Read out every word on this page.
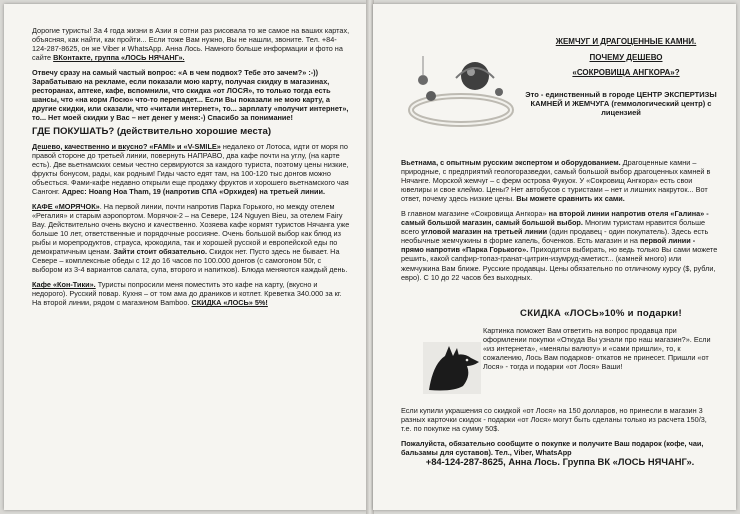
Дорогие туристы! За 4 года жизни в Азии я сотни раз рисовала то же самое на ваших картах, объясняя, как найти, как пройти... Если тоже Вам нужно, Вы не нашли, звоните. Тел. +84-124-287-8625, он же Viber и WhatsApp. Анна Лось. Намного больше информации и фото на сайте ВКонтакте, группа «ЛОСЬ НЯЧАНГ».

Отвечу сразу на самый частый вопрос: «А в чем подвох? Тебе это зачем?» :-)) Зарабатываю на рекламе, если показали мою карту, получая скидку в магазинах, ресторанах, аптеке, кафе, вспомнили, что скидка «от ЛОСЯ», то только тогда есть шансы, что «на корм Лосю» что-то перепадет... Если Вы показали не мою карту, а другие скидки, или сказали, что «читали интернет», то... зарплату «получит интернет», то... Нет моей скидки у Вас – нет денег у меня:-) Спасибо за понимание!

ГДЕ ПОКУШАТЬ? (действительно хорошие места)

Дешево, качественно и вкусно? «FAMI» и «V-SMILE» недалеко от Лотоса, идти от моря по правой стороне до третьей линии, повернуть НАПРАВО, два кафе почти на углу, (на карте есть). Две вьетнамских семьи честно сервируются за каждого туриста, поэтому цены низкие, фрукты бонусом, рады, как родным! Гиды часто едят там, на 100-120 тыс донгов можно объесться. Фами-кафе недавно открыли еще продажу фруктов и хорошего вьетнамского чая Сангонг. Адрес: Hoang Hoa Tham, 19 (напротив СПА «Орхидея) на третьей линии.

КАФЕ «МОРЯЧОК». На первой линии, почти напротив Парка Горького, но между отелем «Регалия» и старым аэропортом. Морячок-2 – на Севере, 124 Nguyen Bieu, за отелем Fairy Bay. Действительно очень вкусно и качественно. Хозяева кафе кормят туристов Нячанга уже больше 10 лет, ответственные и порядочные россияне. Очень большой выбор как блюд из рыбы и морепродуктов, страуса, крокодила, так и хорошей русской и европейской еды по демократичным ценам. Зайти стоит обязательно. Скидок нет. Пусто здесь не бывает. На Севере – комплексные обеды с 12 до 16 часов по 100.000 донгов (с самогоном 50г, с выбором из 3-4 вариантов салата, супа, второго и напитков). Блюда меняются каждый день.

Кафе «Кон-Тики». Туристы попросили меня поместить это кафе на карту, (вкусно и недорого). Русский повар. Кухня – от том ама до драников и котлет. Креветка 340.000 за кг. На второй линии, рядом с магазином Bamboo. СКИДКА «ЛОСЬ» 5%!

ЖЕМЧУГ И ДРАГОЦЕННЫЕ КАМНИ.
ПОЧЕМУ ДЕШЕВО
«СОКРОВИЩА АНГКОРА»?
Это - единственный в городе ЦЕНТР ЭКСПЕРТИЗЫ КАМНЕЙ И ЖЕМЧУГА (геммологический центр) с лицензией

Вьетнама, с опытным русским экспертом и оборудованием. Драгоценные камни – природные, с предприятий геологоразведки, самый большой выбор драгоценных камней в Нячанге. Морской жемчуг – с ферм острова Фукуок. У «Сокровищ Ангкора» есть свои ювелиры и свое клеймо. Цены? Нет автобусов с туристами – нет и лишних накруток... Вот ответ, почему здесь низкие цены. Вы можете сравнить их сами.

В главном магазине «Сокровища Ангкора» на второй линии напротив отеля «Галина» - самый большой магазин, самый большой выбор. Многим туристам нравится больше всего угловой магазин на третьей линии (один продавец - один покупатель). Здесь есть необычные жемчужины в форме капель, боченков. Есть магазин и на первой линии - прямо напротив «Парка Горького». Приходится выбирать, но ведь только Вы сами можете решить, какой сапфир-топаз-гранат-цитрин-изумруд-аметист... (камней много) или жемчужина Вам ближе. Русские продавцы. Цены обязательно по отличному курсу ($, рубли, евро). С 10 до 22 часов без выходных.

СКИДКА «ЛОСЬ»10% и подарки!
Картинка поможет Вам ответить на вопрос продавца при оформлении покупки «Откуда Вы узнали про наш магазин?». Если «из интернета», «менялы валюту» и «сами пришли», то, к сожалению, Лось Вам подарков- откатов не принесет. Пришли «от Лося» - тогда и подарки «от Лося» Ваши!

Если купили украшения со скидкой «от Лося» на 150 долларов, но принесли в магазин 3 разных карточки скидок - подарки «от Лося» могут быть сделаны только из расчета 150/3, т.е. по покупке на сумму 50$.

Пожалуйста, обязательно сообщите о покупке и получите Ваш подарок (кофе, чаи, бальзамы для суставов). Тел., Viber, WhatsApp

+84-124-287-8625, Анна Лось. Группа ВК «ЛОСЬ НЯЧАНГ».
